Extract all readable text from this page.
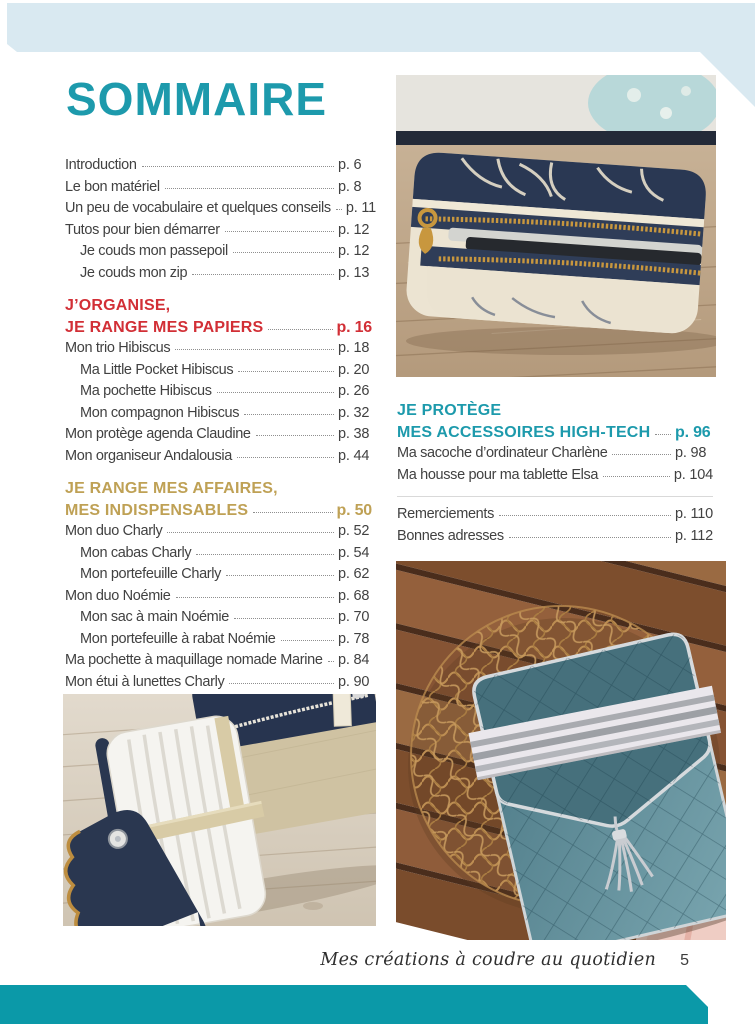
SOMMAIRE
Introduction	p. 6
Le bon matériel	p. 8
Un peu de vocabulaire et quelques conseils p. 11
Tutos pour bien démarrer	p. 12
Je couds mon passepoil	p. 12
Je couds mon zip	p. 13
J’ORGANISE,
JE RANGE MES PAPIERS	p. 16
Mon trio Hibiscus	p. 18
Ma Little Pocket Hibiscus	p. 20
Ma pochette Hibiscus	p. 26
Mon compagnon Hibiscus	p. 32
Mon protège agenda Claudine	p. 38
Mon organiseur Andalousia	p. 44
JE RANGE MES AFFAIRES,
MES INDISPENSABLES	p. 50
Mon duo Charly	p. 52
Mon cabas Charly	p. 54
Mon portefeuille Charly	p. 62
Mon duo Noémie	p. 68
Mon sac à main Noémie	p. 70
Mon portefeuille à rabat Noémie	p. 78
Ma pochette à maquillage nomade Marine p. 84
Mon étui à lunettes Charly	p. 90
JE PROTÈGE
MES ACCESSOIRES HIGH-TECH p. 96
Ma sacoche d’ordinateur Charlène	p. 98
Ma housse pour ma tablette Elsa	p. 104
Remerciements	p. 110
Bonnes adresses	p. 112
Mes créations à coudre au quotidien 5
